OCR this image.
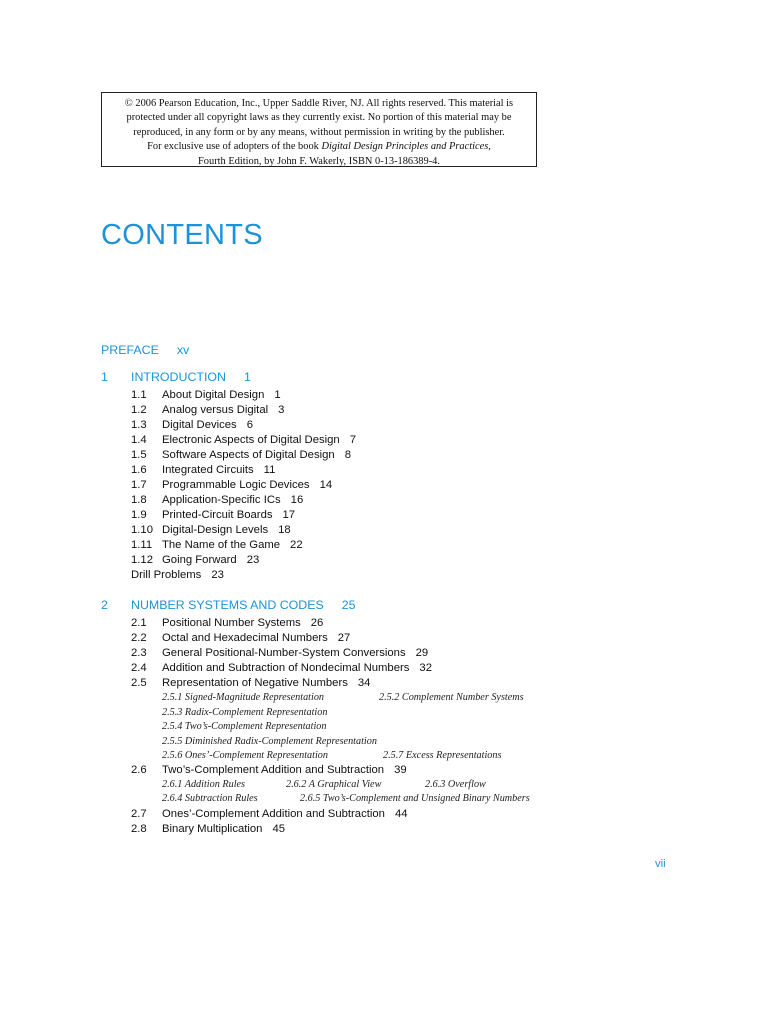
© 2006 Pearson Education, Inc., Upper Saddle River, NJ. All rights reserved. This material is
protected under all copyright laws as they currently exist. No portion of this material may be
reproduced, in any form or by any means, without permission in writing by the publisher.
For exclusive use of adopters of the book Digital Design Principles and Practices,
Fourth Edition, by John F. Wakerly, ISBN 0-13-186389-4.
CONTENTS
PREFACE xv
1 INTRODUCTION 1
1.1 About Digital Design 1
1.2 Analog versus Digital 3
1.3 Digital Devices 6
1.4 Electronic Aspects of Digital Design 7
1.5 Software Aspects of Digital Design 8
1.6 Integrated Circuits 11
1.7 Programmable Logic Devices 14
1.8 Application-Specific ICs 16
1.9 Printed-Circuit Boards 17
1.10 Digital-Design Levels 18
1.11 The Name of the Game 22
1.12 Going Forward 23
Drill Problems 23
2 NUMBER SYSTEMS AND CODES 25
2.1 Positional Number Systems 26
2.2 Octal and Hexadecimal Numbers 27
2.3 General Positional-Number-System Conversions 29
2.4 Addition and Subtraction of Nondecimal Numbers 32
2.5 Representation of Negative Numbers 34
2.5.1 Signed-Magnitude Representation	2.5.2 Complement Number Systems
2.5.3 Radix-Complement Representation
2.5.4 Two’s-Complement Representation
2.5.5 Diminished Radix-Complement Representation
2.5.6 Ones’-Complement Representation	2.5.7 Excess Representations
2.6 Two’s-Complement Addition and Subtraction 39
2.6.1 Addition Rules	2.6.2 A Graphical View	2.6.3 Overflow
2.6.4 Subtraction Rules	2.6.5 Two’s-Complement and Unsigned Binary Numbers
2.7 Ones’-Complement Addition and Subtraction 44
2.8 Binary Multiplication 45
vii
